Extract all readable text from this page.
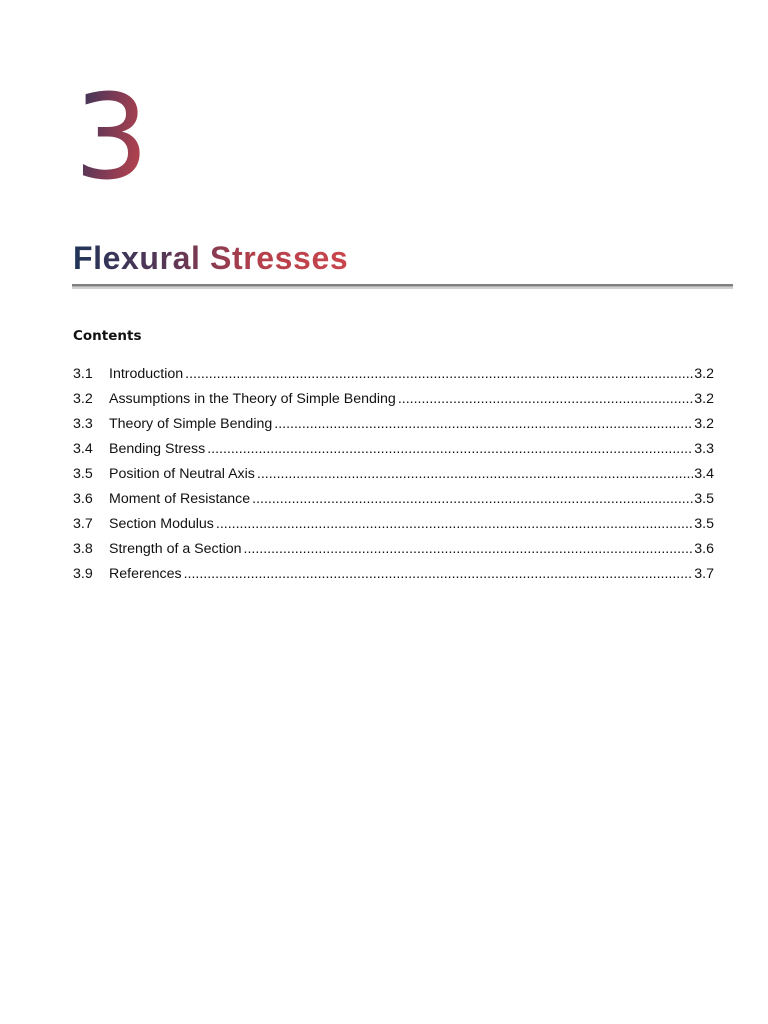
3
Flexural Stresses
Contents
3.1	Introduction .....	3.2
3.2	Assumptions in the Theory of Simple Bending .....	3.2
3.3	Theory of Simple Bending .....	3.2
3.4	Bending Stress .....	3.3
3.5	Position of Neutral Axis .....	3.4
3.6	Moment of Resistance .....	3.5
3.7	Section Modulus .....	3.5
3.8	Strength of a Section .....	3.6
3.9	References .....	3.7
